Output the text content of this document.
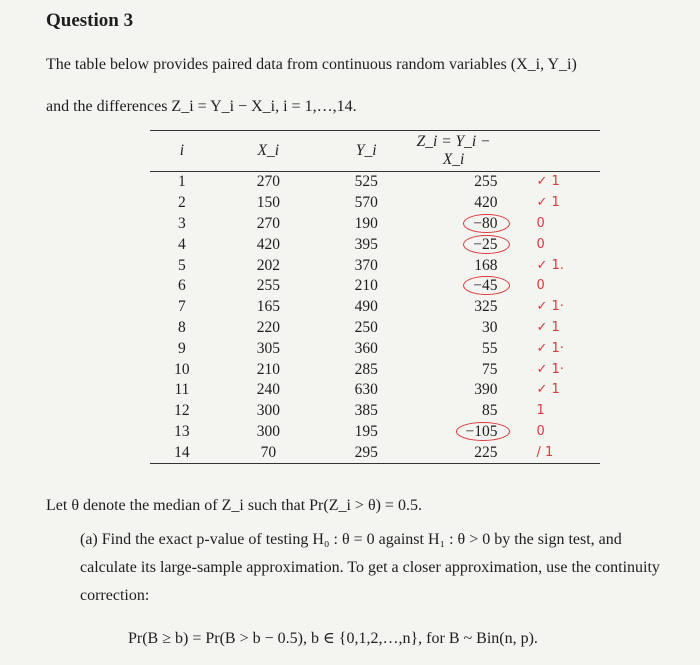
Question 3
The table below provides paired data from continuous random variables (X_i, Y_i)
and the differences Z_i = Y_i − X_i, i = 1,…,14.
i	X_i	Y_i	Z_i = Y_i − X_i	
1	270	525	255	✓ 1
2	150	570	420	✓ 1
3	270	190	−80	0
4	420	395	−25	0
5	202	370	168	✓ 1.
6	255	210	−45	0
7	165	490	325	✓ 1·
8	220	250	30	✓ 1
9	305	360	55	✓ 1·
10	210	285	75	✓ 1·
11	240	630	390	✓ 1
12	300	385	85	1
13	300	195	−105	0
14	70	295	225	/ 1
Let θ denote the median of Z_i such that Pr(Z_i > θ) = 0.5.
(a) Find the exact p-value of testing H₀ : θ = 0 against H₁ : θ > 0 by the sign test, and calculate its large-sample approximation. To get a closer approximation, use the continuity correction:
Pr(B ≥ b) = Pr(B > b − 0.5), b ∈ {0,1,2,…,n}, for B ~ Bin(n, p).
